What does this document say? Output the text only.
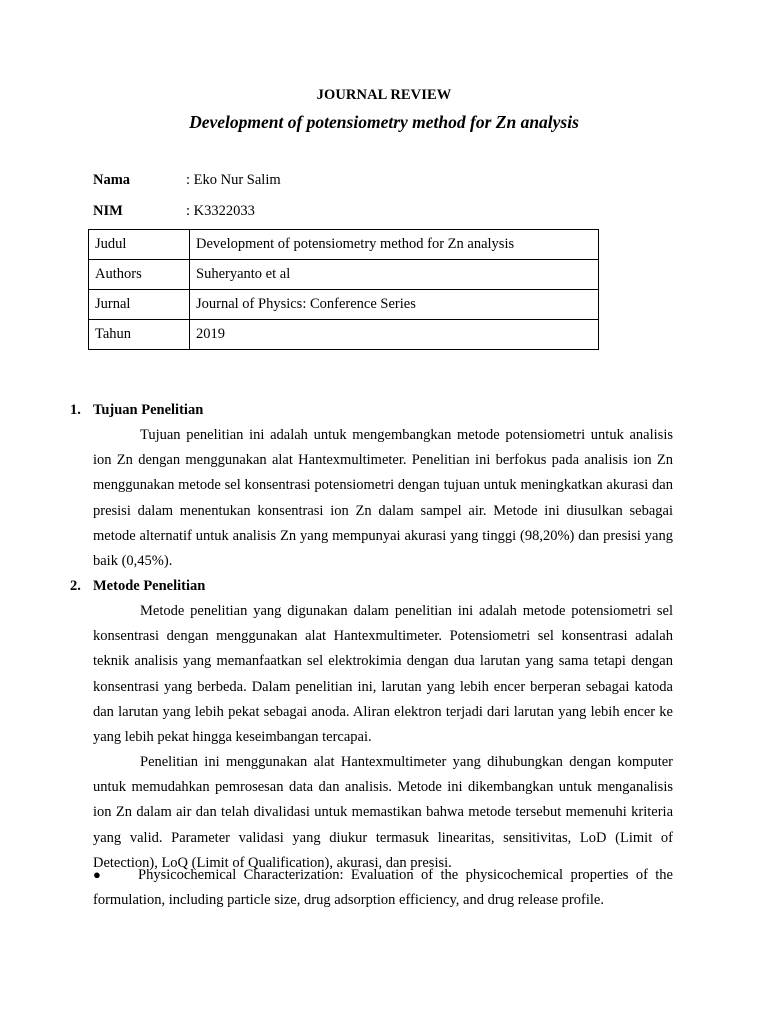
JOURNAL REVIEW
Development of potensiometry method for Zn analysis
Nama	: Eko Nur Salim
NIM	: K3322033
Judul	Development of potensiometry method for Zn analysis
Authors	Suheryanto et al
Jurnal	Journal of Physics: Conference Series
Tahun	2019
1. Tujuan Penelitian

Tujuan penelitian ini adalah untuk mengembangkan metode potensiometri untuk analisis ion Zn dengan menggunakan alat Hantexmultimeter. Penelitian ini berfokus pada analisis ion Zn menggunakan metode sel konsentrasi potensiometri dengan tujuan untuk meningkatkan akurasi dan presisi dalam menentukan konsentrasi ion Zn dalam sampel air. Metode ini diusulkan sebagai metode alternatif untuk analisis Zn yang mempunyai akurasi yang tinggi (98,20%) dan presisi yang baik (0,45%).

2. Metode Penelitian

Metode penelitian yang digunakan dalam penelitian ini adalah metode potensiometri sel konsentrasi dengan menggunakan alat Hantexmultimeter. Potensiometri sel konsentrasi adalah teknik analisis yang memanfaatkan sel elektrokimia dengan dua larutan yang sama tetapi dengan konsentrasi yang berbeda. Dalam penelitian ini, larutan yang lebih encer berperan sebagai katoda dan larutan yang lebih pekat sebagai anoda. Aliran elektron terjadi dari larutan yang lebih encer ke yang lebih pekat hingga keseimbangan tercapai.

Penelitian ini menggunakan alat Hantexmultimeter yang dihubungkan dengan komputer untuk memudahkan pemrosesan data dan analisis. Metode ini dikembangkan untuk menganalisis ion Zn dalam air dan telah divalidasi untuk memastikan bahwa metode tersebut memenuhi kriteria yang valid. Parameter validasi yang diukur termasuk linearitas, sensitivitas, LoD (Limit of Detection), LoQ (Limit of Qualification), akurasi, dan presisi.

●	Physicochemical Characterization: Evaluation of the physicochemical properties of the formulation, including particle size, drug adsorption efficiency, and drug release profile.
